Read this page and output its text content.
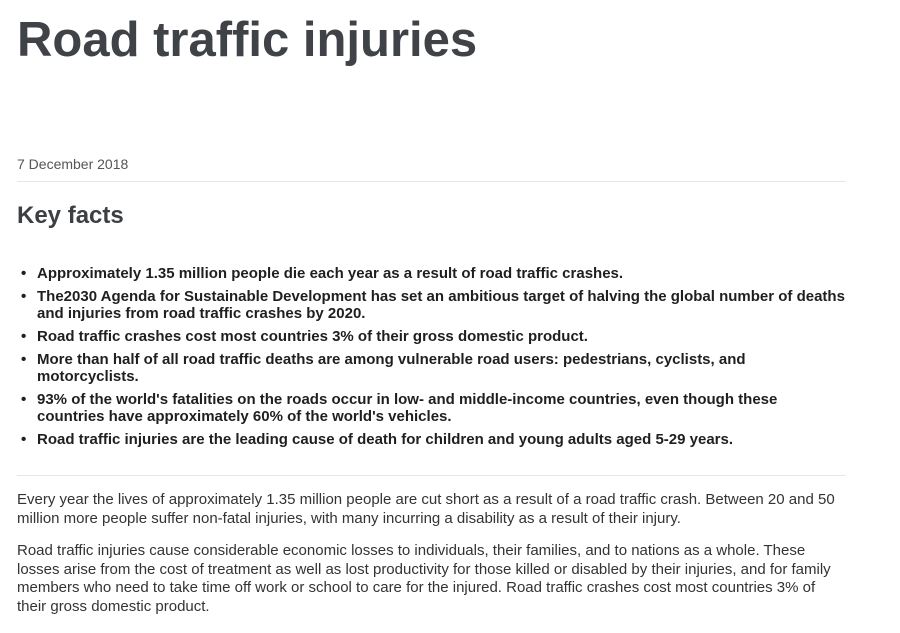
Road traffic injuries
7 December 2018
Key facts
• Approximately 1.35 million people die each year as a result of road traffic crashes.
• The2030 Agenda for Sustainable Development has set an ambitious target of halving the global number of deaths and injuries from road traffic crashes by 2020.
• Road traffic crashes cost most countries 3% of their gross domestic product.
• More than half of all road traffic deaths are among vulnerable road users: pedestrians, cyclists, and motorcyclists.
• 93% of the world's fatalities on the roads occur in low- and middle-income countries, even though these countries have approximately 60% of the world's vehicles.
• Road traffic injuries are the leading cause of death for children and young adults aged 5-29 years.

Every year the lives of approximately 1.35 million people are cut short as a result of a road traffic crash. Between 20 and 50 million more people suffer non-fatal injuries, with many incurring a disability as a result of their injury.

Road traffic injuries cause considerable economic losses to individuals, their families, and to nations as a whole. These losses arise from the cost of treatment as well as lost productivity for those killed or disabled by their injuries, and for family members who need to take time off work or school to care for the injured. Road traffic crashes cost most countries 3% of their gross domestic product.
